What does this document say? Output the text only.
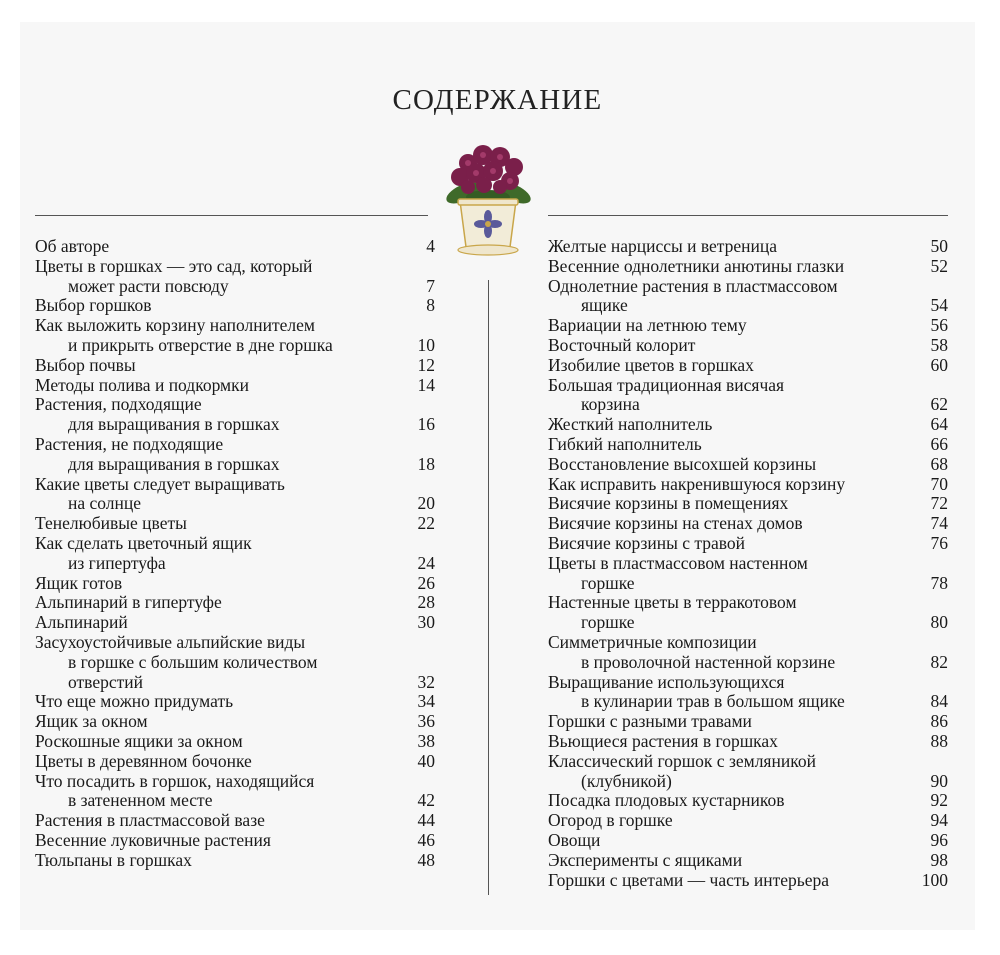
СОДЕРЖАНИЕ
Об авторе	4
Цветы в горшках — это сад, который
может расти повсюду	7
Выбор горшков	8
Как выложить корзину наполнителем
и прикрыть отверстие в дне горшка	10
Выбор почвы	12
Методы полива и подкормки	14
Растения, подходящие
для выращивания в горшках	16
Растения, не подходящие
для выращивания в горшках	18
Какие цветы следует выращивать
на солнце	20
Тенелюбивые цветы	22
Как сделать цветочный ящик
из гипертуфа	24
Ящик готов	26
Альпинарий в гипертуфе	28
Альпинарий	30
Засухоустойчивые альпийские виды
в горшке с большим количеством
отверстий	32
Что еще можно придумать	34
Ящик за окном	36
Роскошные ящики за окном	38
Цветы в деревянном бочонке	40
Что посадить в горшок, находящийся
в затененном месте	42
Растения в пластмассовой вазе	44
Весенние луковичные растения	46
Тюльпаны в горшках	48
Желтые нарциссы и ветреница	50
Весенние однолетники анютины глазки	52
Однолетние растения в пластмассовом
ящике	54
Вариации на летнюю тему	56
Восточный колорит	58
Изобилие цветов в горшках	60
Большая традиционная висячая
корзина	62
Жесткий наполнитель	64
Гибкий наполнитель	66
Восстановление высохшей корзины	68
Как исправить накренившуюся корзину	70
Висячие корзины в помещениях	72
Висячие корзины на стенах домов	74
Висячие корзины с травой	76
Цветы в пластмассовом настенном
горшке	78
Настенные цветы в терракотовом
горшке	80
Симметричные композиции
в проволочной настенной корзине	82
Выращивание использующихся
в кулинарии трав в большом ящике	84
Горшки с разными травами	86
Вьющиеся растения в горшках	88
Классический горшок с земляникой
(клубникой)	90
Посадка плодовых кустарников	92
Огород в горшке	94
Овощи	96
Эксперименты с ящиками	98
Горшки с цветами — часть интерьера	100
